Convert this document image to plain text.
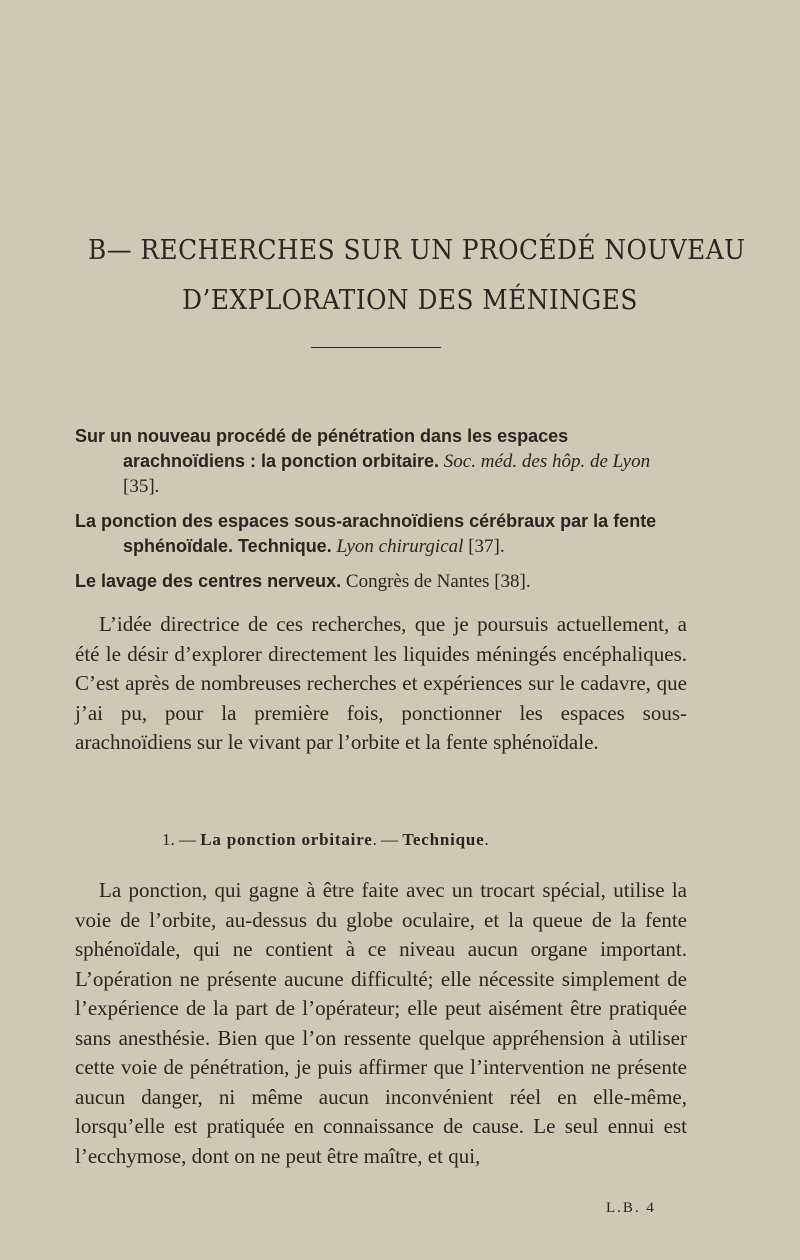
B— RECHERCHES SUR UN PROCÉDÉ NOUVEAU
D’EXPLORATION DES MÉNINGES

Sur un nouveau procédé de pénétration dans les espaces arachnoïdiens : la ponction orbitaire. Soc. méd. des hôp. de Lyon [35].

La ponction des espaces sous-arachnoïdiens cérébraux par la fente sphénoïdale. Technique. Lyon chirurgical [37].

Le lavage des centres nerveux. Congrès de Nantes [38].

L’idée directrice de ces recherches, que je poursuis actuellement, a été le désir d’explorer directement les liquides méningés encéphaliques. C’est après de nombreuses recherches et expériences sur le cadavre, que j’ai pu, pour la première fois, ponctionner les espaces sous-arachnoïdiens sur le vivant par l’orbite et la fente sphénoïdale.

1. — La ponction orbitaire. — Technique.

La ponction, qui gagne à être faite avec un trocart spécial, utilise la voie de l’orbite, au-dessus du globe oculaire, et la queue de la fente sphénoïdale, qui ne contient à ce niveau aucun organe important. L’opération ne présente aucune difficulté; elle nécessite simplement de l’expérience de la part de l’opérateur; elle peut aisément être pratiquée sans anesthésie. Bien que l’on ressente quelque appréhension à utiliser cette voie de pénétration, je puis affirmer que l’intervention ne présente aucun danger, ni même aucun inconvénient réel en elle-même, lorsqu’elle est pratiquée en connaissance de cause. Le seul ennui est l’ecchymose, dont on ne peut être maître, et qui,

L.B. 4
